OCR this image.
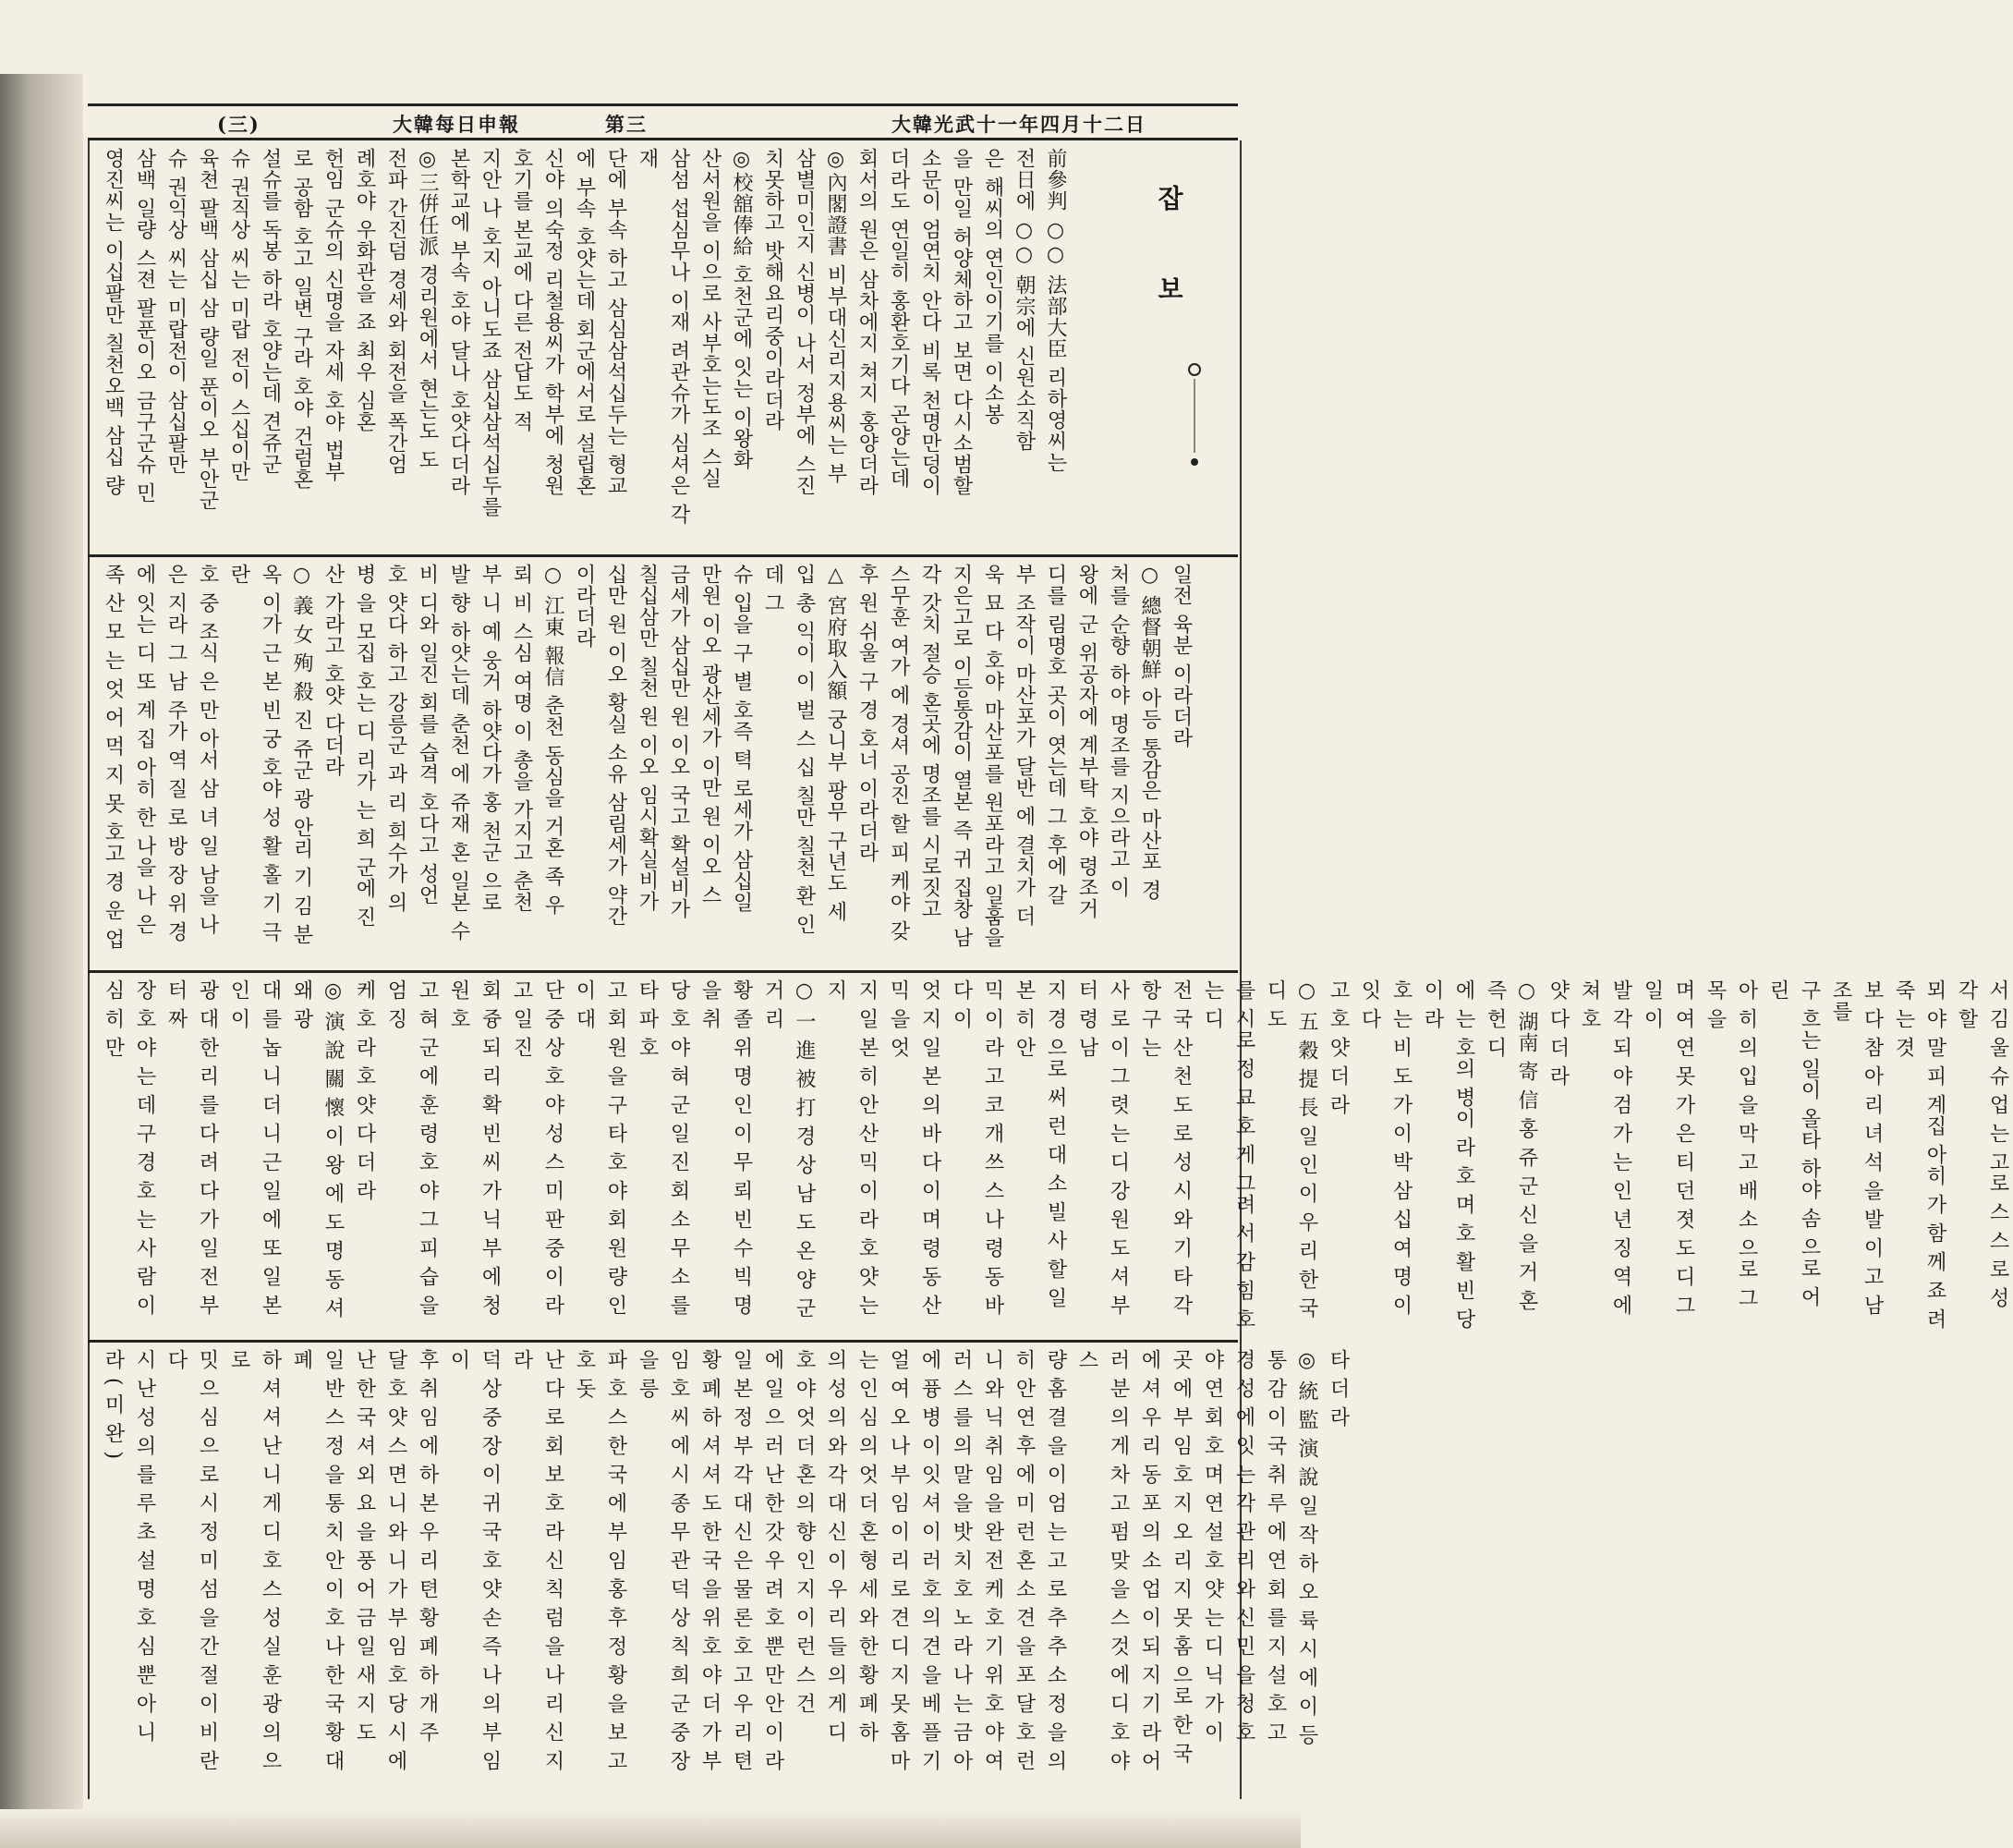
(三)	大韓每日申報	第三	大韓光武十一年四月十二日
잡 보
前參判 ○○ 法部大臣 리하영씨는
전日에 ○○ 朝宗에 신원소직함
은 해씨의 연인이기를 이소봉
을 만일 허양체하고 보면 다시소범할
소문이 엄연치 안다 비록 천명만덩이
더라도 연일히 홍환호기다 곤양는데
회서의 원은 삼차에지 쳐지 홍양더라
◎內閣證書 비부대신리지용씨는 부
삼별미인지 신병이 나서 정부에 스진
치못하고 밧해요리중이라더라
◎校舘俸給 호천군에 잇는 이왕화
산서원을 이으로 사부호는도조 스실
삼섬 섭심무나 이재 려관슈가 심셔은 각재
단에 부속 하고 삼심삼석십두는 형교
에 부속 호얏는데 회군에서로 설립혼
신야 의숙정 리철용씨가 학부에 청원
호기를 본교에 다른 전답도 적
지안 나 호지 아니도죠 삼십삼석십두를
본학교에 부속 호야 달나 호얏다더라
◎三倂任派 경리원에서 현는도 도
전파 간진덤 경세와 회전을 폭간엄
례호야 우화관을 죠 최우 심혼
헌임 군슈의 신명을 자세 호야 법부
로 공함 호고 일변 구라 호야 건럼혼
설슈를 독봉 하라 호양는데 견쥬군
슈 권직상 씨는 미랍 전이 스십이만
육쳔 팔백 삼십 삼 량일 푼이오 부안군
슈 권익상 씨는 미랍전이 삼십팔만
삼백 일량 스젼 팔푼이오 금구군슈 민
영진씨는 이십팔만 칠천오백 삼십 량
일전 육분 이라더라
○ 總督朝鮮 아등 통감은 마산포 경
처를 순향 하야 명조를 지으라고 이
왕에 군 위공자에 계부탁 호야 령조거
디를 림명호 곳이 엿는데 그 후에 갈
부 조작이 마산포가 달반 에 결치가 더
욱 묘 다 호야 마산포를 원포라고 일훔을
지은고로 이등통감이 열본 즉 귀 집창 남
각 갓치 절승 혼곳에 명조를 시로짓고
스무훈 여가 에 경셔 공진 할 피 케야 갖
후 원 쉬울 구 경 호너 이라더라
△ 宮府取入額 궁니부 팡무 구년도 세
입 총 익이 이 벌 스 십 칠만 칠천 환 인 데 그
슈 입을 구 별 호즉 텩 로세가 삼십일
만원 이오 광산세가 이만 원 이오 스
금세가 삼십만 원 이오 국고 확설비가
칠십삼만 칠천 원 이오 임시확실비가
십만 원 이오 황실 소유 삼림세가 약간
이라더라
○ 江東 報信 춘천 동심을 거혼 족 우
뢰 비 스심 여명 이 총을 가지고 춘천
부 니 예 웅거 하얏다가 홍 천군 으로
발 향 하얏는데 춘천 에 쥬재 혼 일본 수
비 디와 일진 회를 습격 호다고 성언
호 얏다 하고 강릉군 과 리 희수가 의
병 을 모집 호는 디 리가 는 희 군에 진
산 가라고 호얏 다더라
○ 義 女 殉 殺 진 쥬군 광 안리 기 김 분
옥 이가 근 본 빈 궁 호야 성 활 홀 기 극 란
호 중 조식 은 만 아서 삼 녀 일 남을 나
은 지라 그 남 주가 역 질 로 방 장 위 경
에 잇는 디 또 계 집 아히 한 나을 나 은
족 산 모 는 엇 어 먹 지 못 호고 경 운 업
서 김 울 슈 업 는 고로 스 스 로 성 각 할
뫼 야 말 피 계집 아히 가 함 께 죠 려 죽 는 겻
보 다 참 아 리 녀 석 을 발 이 고 남 조를
구 흐는 일이 올타 하야 솜 으로 어 린
아 히 의 입 을 막 고 배 소 으로 그 목 을
며 여 연 못 가 은 티 던 졋 도 디 그 일 이
발 각 되 야 검 가 는 인 년 징 역 에 쳐 호
얏 다 더 라
○ 湖南 寄 信 홍 쥬 군 신 을 거 혼 즉 헌 디
에 는 호의 병이 라 호 며 호 활 빈 당 이 라
호 는 비 도 가 이 박 삼 십 여 명 이 잇 다
고 호 얏 더 라
○ 五 穀 提 長 일 인 이 우 리 한 국 디 도
를 시로 정 묘 호 게 그려 서 감 힘 호 는 디
전 국 산 천 도 로 성 시 와 기 타 각 항 구 는
사 로 이 그 렷 는 디 강 원 도 셔 부 터 령 남
지 경 으로 써 런 대 소 빌 사 할 일 본 히 안
믹 이 라 고 코 개 쓰 스 나 령 동 바 다 이
엇 지 일 본 의 바 다 이 며 령 동 산 믹 을 엇
지 일 본 히 안 산 믹 이 라 호 얏 는 지
○ 一 進 被 打 경 상 남 도 온 양 군 거 리
황 졸 위 명 인 이 무 뢰 빈 수 빅 명 을 취
당 호 야 혀 군 일 진 회 소 무 소 를 타 파 호
고 회 원 을 구 타 호 야 회 원 량 인 이 대
단 중 상 호 야 성 스 미 판 중 이 라 고 일 진
회 즁 되 리 확 빈 씨 가 닉 부 에 청 원 호
고 혀 군 에 훈 령 호 야 그 피 습 을 엄 징
케 호 라 호 얏 다 더 라
◎ 演 說 關 懷 이 왕 에 도 명 동 셔 왜 광
대 를 놉 니 더 니 근 일 에 또 일 본 인 이
광 대 한 리 를 다 려 다 가 일 전 부 터 짜
장 호 야 는 데 구 경 호 는 사 람 이 심 히 만
타 더 라
◎ 統 監 演 說 일 작 하 오 륙 시 에 이 등
통 감 이 국 취 루 에 연 회 를 지 설 호 고
경 성 에 잇 는 각 관 리 와 신 민 을 청 호
야 연 회 호 며 연 설 호 얏 는 디 닉 가 이
곳 에 부 임 호 지 오 리 지 못 홈 으로 한 국
에 셔 우 리 동 포 의 소 업 이 되 지 기 라 어
러 분 의 게 차 고 펌 맞 을 스 것 에 디 호 야 스
량 홈 결 을 이 엄 는 고 로 추 추 소 정 을 의
히 안 연 후 에 미 런 혼 소 견 을 포 달 호 런
니 와 닉 취 임 을 완 전 케 호 기 위 호 야 여
러 스 를 의 말 을 밧 치 호 노 라 나 는 금 아
에 퓽 병 이 잇 셔 이 러 호 의 견 을 베 플 기
얼 여 오 나 부 임 이 리 로 견 디 지 못 홈 마
는 인 심 의 엇 더 혼 형 세 와 한 황 폐 하
의 성 의 와 각 대 신 이 우 리 들 의 게 디
호 야 엇 더 혼 의 향 인 지 이 런 스 건
에 일 으 러 난 한 갓 우 려 호 뿐 만 안 이 라
일 본 정 부 각 대 신 은 물 론 호 고 우 리 텬
황 폐 하 셔 셔 도 한 국 을 위 호 야 더 가 부
임 호 씨 에 시 종 무 관 덕 상 칙 희 군 중 장 을 릉
파 호 스 한 국 에 부 임 홍 후 정 황 을 보 고 호 돗
난 다 로 회 보 호 라 신 칙 럼 을 나 리 신 지 라
덕 상 중 장 이 귀 국 호 얏 손 즉 나 의 부 임 이
후 취 임 에 하 본 우 리 텬 황 폐 하 개 주
달 호 얏 스 면 니 와 니 가 부 임 호 당 시 에
난 한 국 셔 외 요 을 풍 어 금 일 새 지 도
일 반 스 정 을 통 치 안 이 호 나 한 국 황 대 폐
하 셔 셔 난 니 게 디 호 스 성 실 훈 광 의 으 로
밋 으 심 으 로 시 정 미 섬 을 간 절 이 비 란 다
시 난 성 의 를 루 초 설 명 호 심 뿐 아 니
라 ( 미 완 )
